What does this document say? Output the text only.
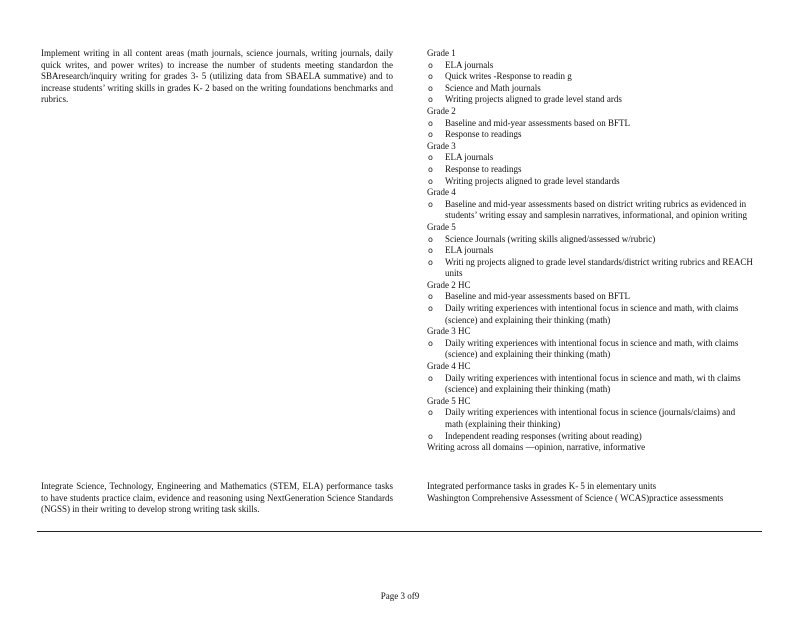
Implement writing in all content areas (math journals, science journals, writing journals, daily quick writes, and power writes) to increase the number of students meeting standardon the SBAresearch/inquiry writing for grades 3- 5 (utilizing data from SBAELA summative) and to increase students’ writing skills in grades K- 2 based on the writing foundations benchmarks and rubrics.
Grade 1
o ELA journals
o Quick writes -Response to readin g
o Science and Math journals
o Writing projects aligned to grade level stand ards
Grade 2
o Baseline and mid-year assessments based on BFTL
o Response to readings
Grade 3
o ELA journals
o Response to readings
o Writing projects aligned to grade level standards
Grade 4
o Baseline and mid-year assessments based on district writing rubrics as evidenced in students’ writing essay and samplesin narratives, informational, and opinion writing
Grade 5
o Science Journals (writing skills aligned/assessed w/rubric)
o ELA journals
o Writi ng projects aligned to grade level standards/district writing rubrics and REACH units
Grade 2 HC
o Baseline and mid-year assessments based on BFTL
o Daily writing experiences with intentional focus in science and math, with claims (science) and explaining their thinking (math)
Grade 3 HC
o Daily writing experiences with intentional focus in science and math, with claims (science) and explaining their thinking (math)
Grade 4 HC
o Daily writing experiences with intentional focus in science and math, wi th claims (science) and explaining their thinking (math)
Grade 5 HC
o Daily writing experiences with intentional focus in science (journals/claims) and math (explaining their thinking)
o Independent reading responses (writing about reading)
Writing across all domains —opinion, narrative, informative
Integrate Science, Technology, Engineering and Mathematics (STEM, ELA) performance tasks to have students practice claim, evidence and reasoning using NextGeneration Science Standards (NGSS) in their writing to develop strong writing task skills.
Integrated performance tasks in grades K- 5 in elementary units
Washington Comprehensive Assessment of Science ( WCAS)practice assessments
Page 3 of9
